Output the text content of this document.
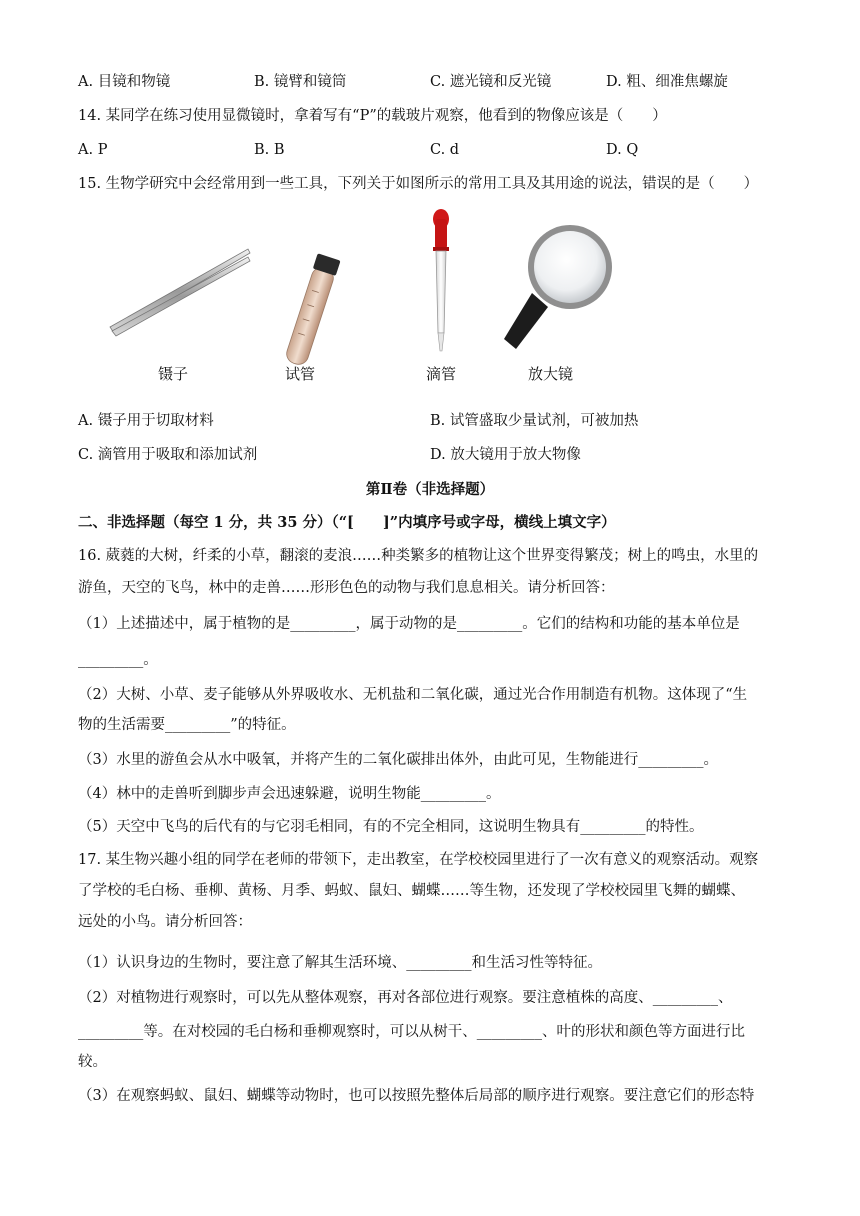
A. 目镜和物镜	B. 镜臂和镜筒	C. 遮光镜和反光镜	D. 粗、细准焦螺旋
14. 某同学在练习使用显微镜时，拿着写有“P”的载玻片观察，他看到的物像应该是（　　）
A. P	B. B	C. d	D. Q
15. 生物学研究中会经常用到一些工具，下列关于如图所示的常用工具及其用途的说法，错误的是（　　）
镊子	试管	滴管	放大镜
A. 镊子用于切取材料	B. 试管盛取少量试剂，可被加热
C. 滴管用于吸取和添加试剂	D. 放大镜用于放大物像
第Ⅱ卷（非选择题）
二、非选择题（每空 1 分，共 35 分）（“[　　]”内填序号或字母，横线上填文字）
16. 葳蕤的大树，纤柔的小草，翻滚的麦浪……种类繁多的植物让这个世界变得繁茂；树上的鸣虫，水里的
游鱼，天空的飞鸟，林中的走兽……形形色色的动物与我们息息相关。请分析回答：
（1）上述描述中，属于植物的是_________，属于动物的是_________。它们的结构和功能的基本单位是
_________。
（2）大树、小草、麦子能够从外界吸收水、无机盐和二氧化碳，通过光合作用制造有机物。这体现了“生
物的生活需要_________”的特征。
（3）水里的游鱼会从水中吸氧，并将产生的二氧化碳排出体外，由此可见，生物能进行_________。
（4）林中的走兽听到脚步声会迅速躲避，说明生物能_________。
（5）天空中飞鸟的后代有的与它羽毛相同，有的不完全相同，这说明生物具有_________的特性。
17. 某生物兴趣小组的同学在老师的带领下，走出教室，在学校校园里进行了一次有意义的观察活动。观察
了学校的毛白杨、垂柳、黄杨、月季、蚂蚁、鼠妇、蝴蝶……等生物，还发现了学校校园里飞舞的蝴蝶、
远处的小鸟。请分析回答：
（1）认识身边的生物时，要注意了解其生活环境、_________和生活习性等特征。
（2）对植物进行观察时，可以先从整体观察，再对各部位进行观察。要注意植株的高度、_________、
_________等。在对校园的毛白杨和垂柳观察时，可以从树干、_________、叶的形状和颜色等方面进行比
较。
（3）在观察蚂蚁、鼠妇、蝴蝶等动物时，也可以按照先整体后局部的顺序进行观察。要注意它们的形态特
